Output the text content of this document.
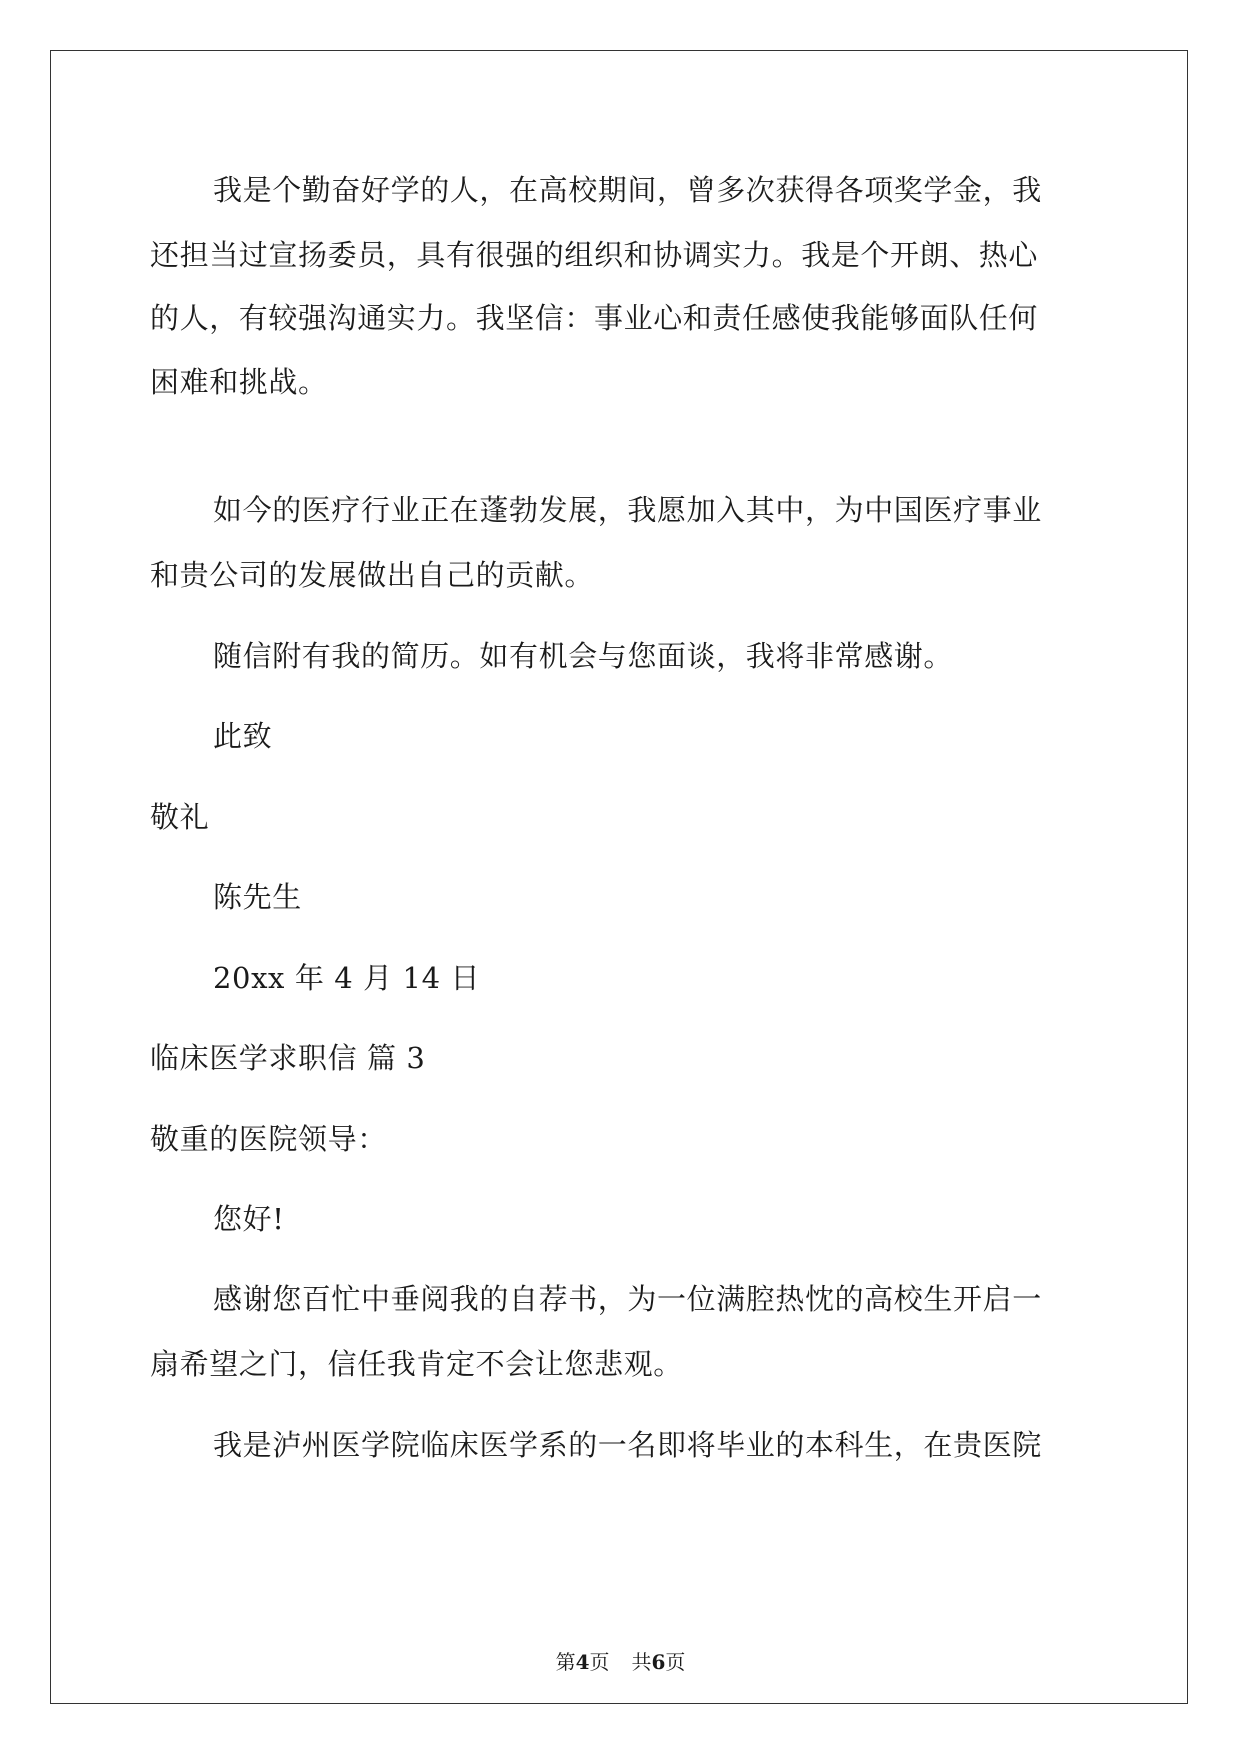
我是个勤奋好学的人，在高校期间，曾多次获得各项奖学金，我
还担当过宣扬委员，具有很强的组织和协调实力。我是个开朗、热心
的人，有较强沟通实力。我坚信：事业心和责任感使我能够面队任何
困难和挑战。
如今的医疗行业正在蓬勃发展，我愿加入其中，为中国医疗事业
和贵公司的发展做出自己的贡献。
随信附有我的简历。如有机会与您面谈，我将非常感谢。
此致
敬礼
陈先生
20xx 年 4 月 14 日
临床医学求职信 篇 3
敬重的医院领导：
您好!
感谢您百忙中垂阅我的自荐书，为一位满腔热忱的高校生开启一
扇希望之门，信任我肯定不会让您悲观。
我是泸州医学院临床医学系的一名即将毕业的本科生，在贵医院
第4页 共6页
